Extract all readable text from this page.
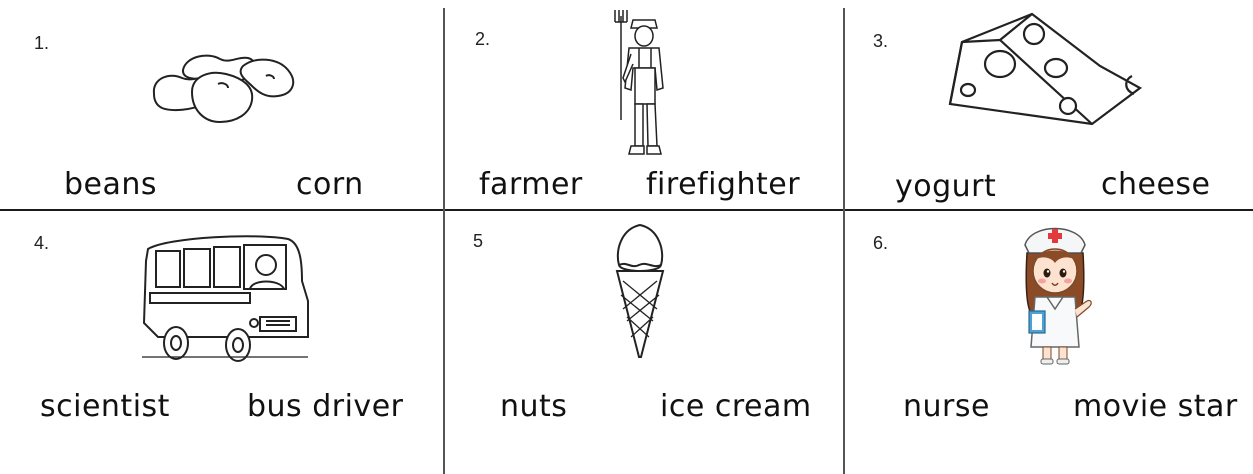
1.
beans	corn
2.
farmer firefighter
3.
yogurt	cheese
4.
scientist	bus driver
5
nuts	ice cream
6.
nurse	movie star
